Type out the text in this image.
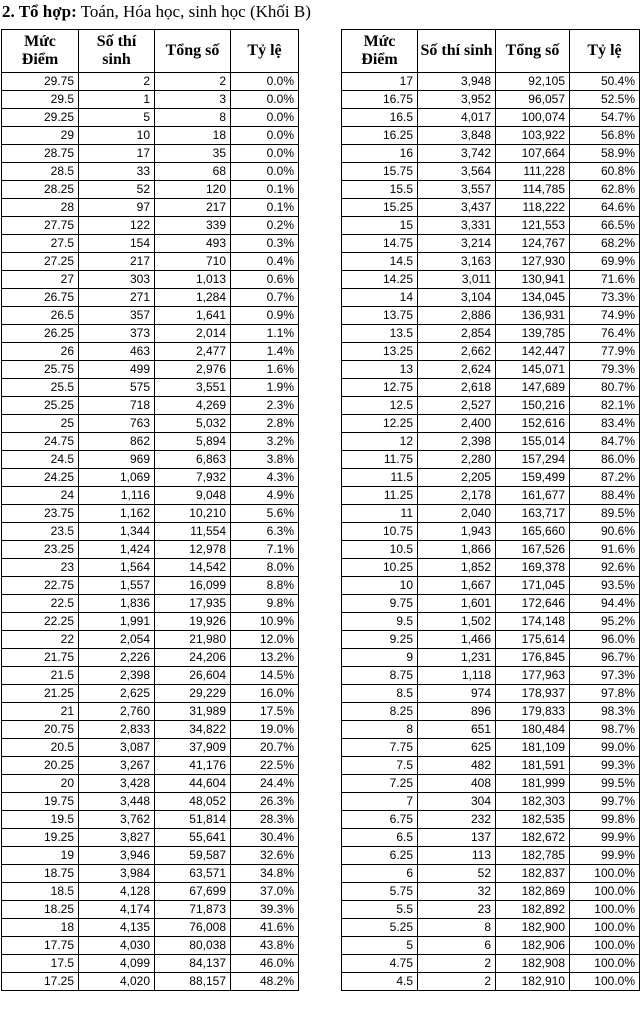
2. Tổ hợp: Toán, Hóa học, sinh học (Khối B)
Mức Điểm	Số thí sinh	Tổng số	Tỷ lệ
29.75	2	2	0.0%
29.5	1	3	0.0%
29.25	5	8	0.0%
29	10	18	0.0%
28.75	17	35	0.0%
28.5	33	68	0.0%
28.25	52	120	0.1%
28	97	217	0.1%
27.75	122	339	0.2%
27.5	154	493	0.3%
27.25	217	710	0.4%
27	303	1,013	0.6%
26.75	271	1,284	0.7%
26.5	357	1,641	0.9%
26.25	373	2,014	1.1%
26	463	2,477	1.4%
25.75	499	2,976	1.6%
25.5	575	3,551	1.9%
25.25	718	4,269	2.3%
25	763	5,032	2.8%
24.75	862	5,894	3.2%
24.5	969	6,863	3.8%
24.25	1,069	7,932	4.3%
24	1,116	9,048	4.9%
23.75	1,162	10,210	5.6%
23.5	1,344	11,554	6.3%
23.25	1,424	12,978	7.1%
23	1,564	14,542	8.0%
22.75	1,557	16,099	8.8%
22.5	1,836	17,935	9.8%
22.25	1,991	19,926	10.9%
22	2,054	21,980	12.0%
21.75	2,226	24,206	13.2%
21.5	2,398	26,604	14.5%
21.25	2,625	29,229	16.0%
21	2,760	31,989	17.5%
20.75	2,833	34,822	19.0%
20.5	3,087	37,909	20.7%
20.25	3,267	41,176	22.5%
20	3,428	44,604	24.4%
19.75	3,448	48,052	26.3%
19.5	3,762	51,814	28.3%
19.25	3,827	55,641	30.4%
19	3,946	59,587	32.6%
18.75	3,984	63,571	34.8%
18.5	4,128	67,699	37.0%
18.25	4,174	71,873	39.3%
18	4,135	76,008	41.6%
17.75	4,030	80,038	43.8%
17.5	4,099	84,137	46.0%
17.25	4,020	88,157	48.2%
Mức Điểm	Số thí sinh	Tổng số	Tỷ lệ
17	3,948	92,105	50.4%
16.75	3,952	96,057	52.5%
16.5	4,017	100,074	54.7%
16.25	3,848	103,922	56.8%
16	3,742	107,664	58.9%
15.75	3,564	111,228	60.8%
15.5	3,557	114,785	62.8%
15.25	3,437	118,222	64.6%
15	3,331	121,553	66.5%
14.75	3,214	124,767	68.2%
14.5	3,163	127,930	69.9%
14.25	3,011	130,941	71.6%
14	3,104	134,045	73.3%
13.75	2,886	136,931	74.9%
13.5	2,854	139,785	76.4%
13.25	2,662	142,447	77.9%
13	2,624	145,071	79.3%
12.75	2,618	147,689	80.7%
12.5	2,527	150,216	82.1%
12.25	2,400	152,616	83.4%
12	2,398	155,014	84.7%
11.75	2,280	157,294	86.0%
11.5	2,205	159,499	87.2%
11.25	2,178	161,677	88.4%
11	2,040	163,717	89.5%
10.75	1,943	165,660	90.6%
10.5	1,866	167,526	91.6%
10.25	1,852	169,378	92.6%
10	1,667	171,045	93.5%
9.75	1,601	172,646	94.4%
9.5	1,502	174,148	95.2%
9.25	1,466	175,614	96.0%
9	1,231	176,845	96.7%
8.75	1,118	177,963	97.3%
8.5	974	178,937	97.8%
8.25	896	179,833	98.3%
8	651	180,484	98.7%
7.75	625	181,109	99.0%
7.5	482	181,591	99.3%
7.25	408	181,999	99.5%
7	304	182,303	99.7%
6.75	232	182,535	99.8%
6.5	137	182,672	99.9%
6.25	113	182,785	99.9%
6	52	182,837	100.0%
5.75	32	182,869	100.0%
5.5	23	182,892	100.0%
5.25	8	182,900	100.0%
5	6	182,906	100.0%
4.75	2	182,908	100.0%
4.5	2	182,910	100.0%
